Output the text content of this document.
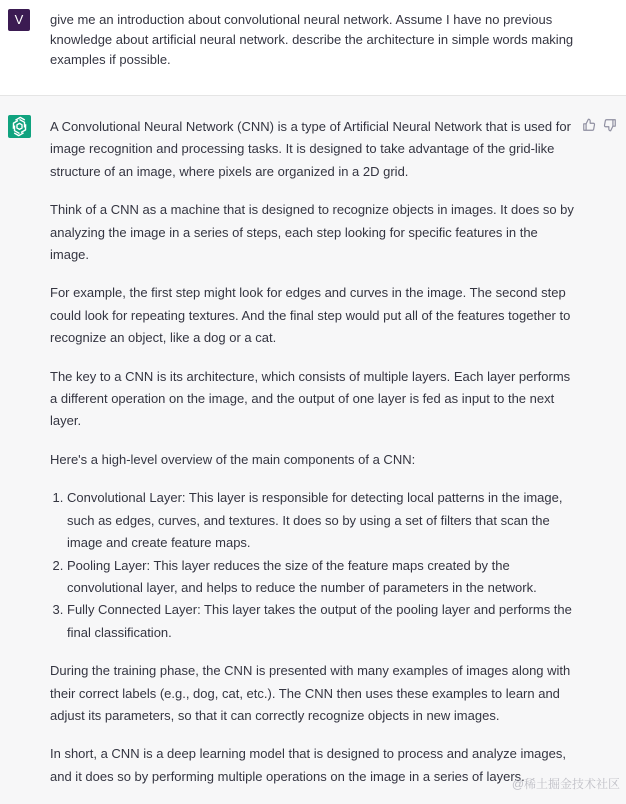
V	give me an introduction about convolutional neural network. Assume I have no previous knowledge about artificial neural network. describe the architecture in simple words making examples if possible.

A Convolutional Neural Network (CNN) is a type of Artificial Neural Network that is used for image recognition and processing tasks. It is designed to take advantage of the grid-like structure of an image, where pixels are organized in a 2D grid.

Think of a CNN as a machine that is designed to recognize objects in images. It does so by analyzing the image in a series of steps, each step looking for specific features in the image.

For example, the first step might look for edges and curves in the image. The second step could look for repeating textures. And the final step would put all of the features together to recognize an object, like a dog or a cat.

The key to a CNN is its architecture, which consists of multiple layers. Each layer performs a different operation on the image, and the output of one layer is fed as input to the next layer.

Here's a high-level overview of the main components of a CNN:

1. Convolutional Layer: This layer is responsible for detecting local patterns in the image, such as edges, curves, and textures. It does so by using a set of filters that scan the image and create feature maps.
2. Pooling Layer: This layer reduces the size of the feature maps created by the convolutional layer, and helps to reduce the number of parameters in the network.
3. Fully Connected Layer: This layer takes the output of the pooling layer and performs the final classification.

During the training phase, the CNN is presented with many examples of images along with their correct labels (e.g., dog, cat, etc.). The CNN then uses these examples to learn and adjust its parameters, so that it can correctly recognize objects in new images.

In short, a CNN is a deep learning model that is designed to process and analyze images, and it does so by performing multiple operations on the image in a series of layers.

@稀土掘金技术社区
